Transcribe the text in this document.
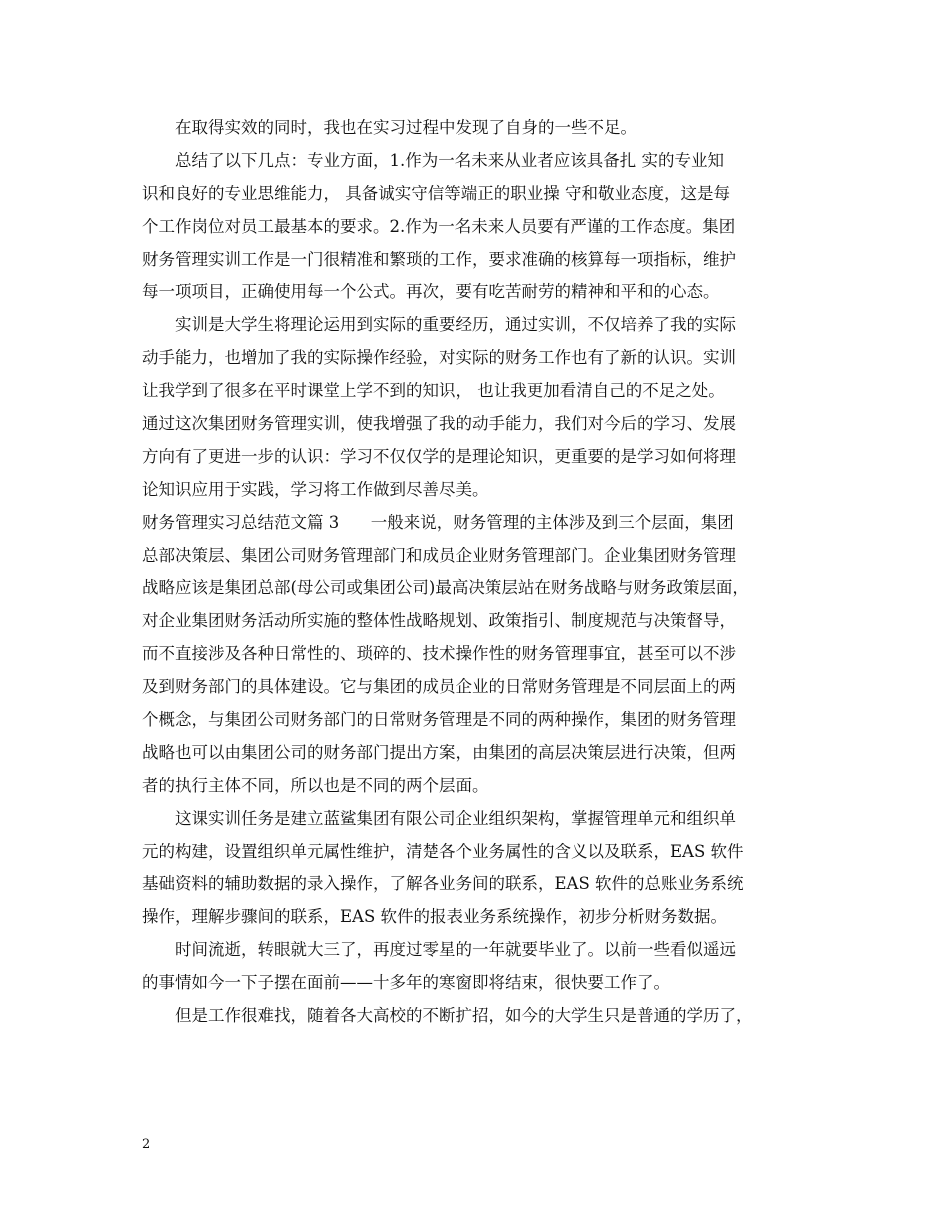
在取得实效的同时，我也在实习过程中发现了自身的一些不足。
总结了以下几点：专业方面，1.作为一名未来从业者应该具备扎 实的专业知
识和良好的专业思维能力， 具备诚实守信等端正的职业操 守和敬业态度，这是每
个工作岗位对员工最基本的要求。2.作为一名未来人员要有严谨的工作态度。集团
财务管理实训工作是一门很精准和繁琐的工作，要求准确的核算每一项指标，维护
每一项项目，正确使用每一个公式。再次，要有吃苦耐劳的精神和平和的心态。
实训是大学生将理论运用到实际的重要经历，通过实训，不仅培养了我的实际
动手能力，也增加了我的实际操作经验，对实际的财务工作也有了新的认识。实训
让我学到了很多在平时课堂上学不到的知识， 也让我更加看清自己的不足之处。
通过这次集团财务管理实训，使我增强了我的动手能力，我们对今后的学习、发展
方向有了更进一步的认识：学习不仅仅学的是理论知识，更重要的是学习如何将理
论知识应用于实践，学习将工作做到尽善尽美。
财务管理实习总结范文篇 3      一般来说，财务管理的主体涉及到三个层面，集团
总部决策层、集团公司财务管理部门和成员企业财务管理部门。企业集团财务管理
战略应该是集团总部(母公司或集团公司)最高决策层站在财务战略与财务政策层面，
对企业集团财务活动所实施的整体性战略规划、政策指引、制度规范与决策督导，
而不直接涉及各种日常性的、琐碎的、技术操作性的财务管理事宜，甚至可以不涉
及到财务部门的具体建设。它与集团的成员企业的日常财务管理是不同层面上的两
个概念，与集团公司财务部门的日常财务管理是不同的两种操作，集团的财务管理
战略也可以由集团公司的财务部门提出方案，由集团的高层决策层进行决策，但两
者的执行主体不同，所以也是不同的两个层面。
这课实训任务是建立蓝鲨集团有限公司企业组织架构，掌握管理单元和组织单
元的构建，设置组织单元属性维护，清楚各个业务属性的含义以及联系，EAS 软件
基础资料的辅助数据的录入操作，了解各业务间的联系，EAS 软件的总账业务系统
操作，理解步骤间的联系，EAS 软件的报表业务系统操作，初步分析财务数据。
时间流逝，转眼就大三了，再度过零星的一年就要毕业了。以前一些看似遥远
的事情如今一下子摆在面前——十多年的寒窗即将结束，很快要工作了。
但是工作很难找，随着各大高校的不断扩招，如今的大学生只是普通的学历了，
2
